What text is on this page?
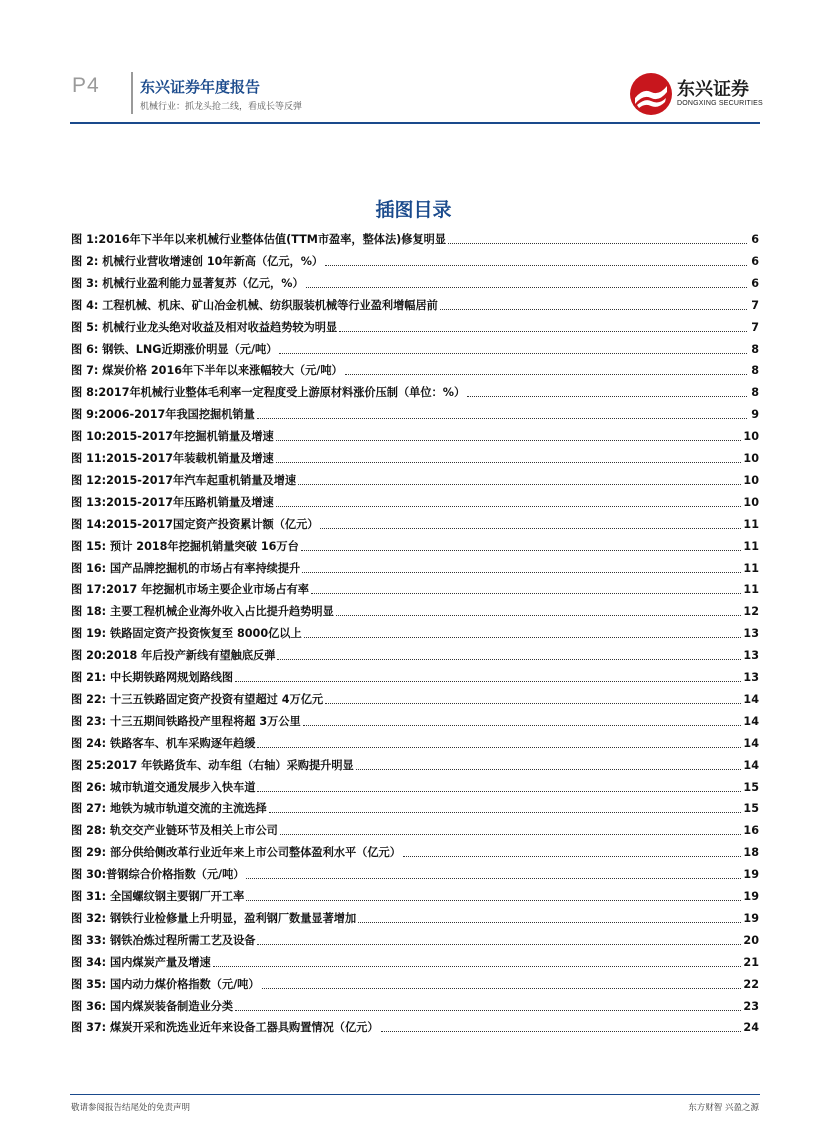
P4	东兴证券年度报告
机械行业：抓龙头抢二线，看成长等反弹
东兴证券
DONGXING SECURITIES
插图目录
图 1:2016年下半年以来机械行业整体估值(TTM市盈率，整体法)修复明显	6
图 2: 机械行业营收增速创 10年新高（亿元，%）	6
图 3: 机械行业盈利能力显著复苏（亿元，%）	6
图 4: 工程机械、机床、矿山冶金机械、纺织服装机械等行业盈利增幅居前	7
图 5: 机械行业龙头绝对收益及相对收益趋势较为明显	7
图 6: 钢铁、LNG近期涨价明显（元/吨）	8
图 7: 煤炭价格 2016年下半年以来涨幅较大（元/吨）	8
图 8:2017年机械行业整体毛利率一定程度受上游原材料涨价压制（单位：%）	8
图 9:2006-2017年我国挖掘机销量	9
图 10:2015-2017年挖掘机销量及增速	10
图 11:2015-2017年装载机销量及增速	10
图 12:2015-2017年汽车起重机销量及增速	10
图 13:2015-2017年压路机销量及增速	10
图 14:2015-2017国定资产投资累计额（亿元）	11
图 15: 预计 2018年挖掘机销量突破 16万台	11
图 16: 国产品牌挖掘机的市场占有率持续提升	11
图 17:2017 年挖掘机市场主要企业市场占有率	11
图 18: 主要工程机械企业海外收入占比提升趋势明显	12
图 19: 铁路固定资产投资恢复至 8000亿以上	13
图 20:2018 年后投产新线有望触底反弹	13
图 21: 中长期铁路网规划路线图	13
图 22: 十三五铁路固定资产投资有望超过 4万亿元	14
图 23: 十三五期间铁路投产里程将超 3万公里	14
图 24: 铁路客车、机车采购逐年趋缓	14
图 25:2017 年铁路货车、动车组（右轴）采购提升明显	14
图 26: 城市轨道交通发展步入快车道	15
图 27: 地铁为城市轨道交流的主流选择	15
图 28: 轨交交产业链环节及相关上市公司	16
图 29: 部分供给侧改革行业近年来上市公司整体盈利水平（亿元）	18
图 30:普钢综合价格指数（元/吨）	19
图 31: 全国螺纹钢主要钢厂开工率	19
图 32: 钢铁行业检修量上升明显，盈利钢厂数量显著增加	19
图 33: 钢铁冶炼过程所需工艺及设备	20
图 34: 国内煤炭产量及增速	21
图 35: 国内动力煤价格指数（元/吨）	22
图 36: 国内煤炭装备制造业分类	23
图 37: 煤炭开采和洗选业近年来设备工器具购置情况（亿元）	24
敬请参阅报告结尾处的免责声明	东方财智 兴盈之源
